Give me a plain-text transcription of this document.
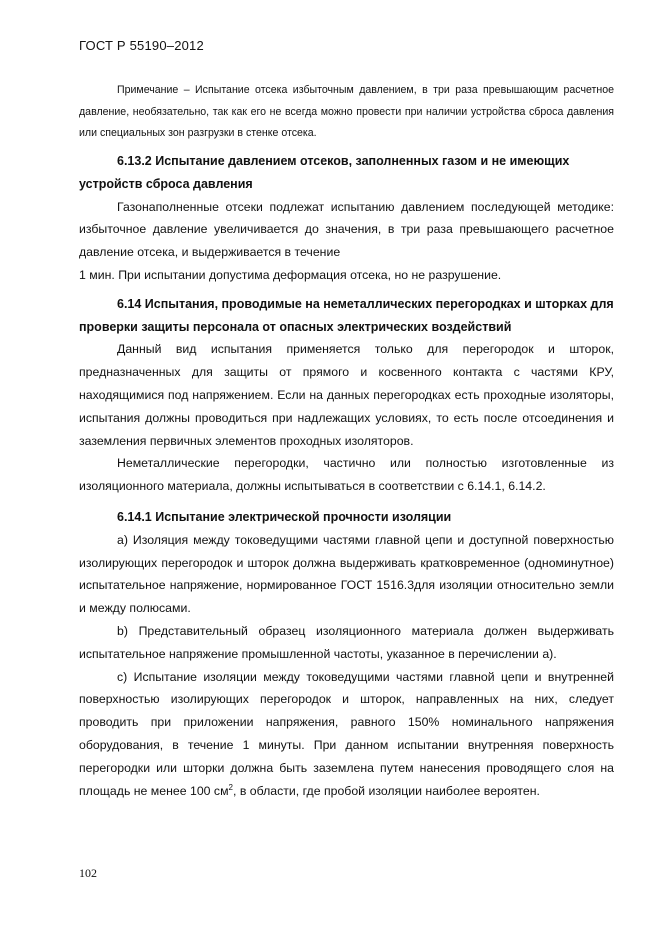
ГОСТ Р 55190–2012
Примечание – Испытание отсека избыточным давлением, в три раза превышающим расчетное давление, необязательно, так как его не всегда можно провести при наличии устройства сброса давления или специальных зон разгрузки в стенке отсека.
6.13.2 Испытание давлением отсеков, заполненных газом и не имеющих устройств сброса давления

Газонаполненные отсеки подлежат испытанию давлением последующей методике: избыточное давление увеличивается до значения, в три раза превышающего расчетное давление отсека, и выдерживается в течение

1 мин. При испытании допустима деформация отсека, но не разрушение.

6.14 Испытания, проводимые на неметаллических перегородках и шторках для проверки защиты персонала от опасных электрических воздействий

Данный вид испытания применяется только для перегородок и шторок, предназначенных для защиты от прямого и косвенного контакта с частями КРУ, находящимися под напряжением. Если на данных перегородках есть проходные изоляторы, испытания должны проводиться при надлежащих условиях, то есть после отсоединения и заземления первичных элементов проходных изоляторов.

Неметаллические перегородки, частично или полностью изготовленные из изоляционного материала, должны испытываться в соответствии с 6.14.1, 6.14.2.

6.14.1 Испытание электрической прочности изоляции

а) Изоляция между токоведущими частями главной цепи и доступной поверхностью изолирующих перегородок и шторок должна выдерживать кратковременное (одноминутное) испытательное напряжение, нормированное ГОСТ 1516.3для изоляции относительно земли и между полюсами.

b) Представительный образец изоляционного материала должен выдерживать испытательное напряжение промышленной частоты, указанное в перечислении а).

с) Испытание изоляции между токоведущими частями главной цепи и внутренней поверхностью изолирующих перегородок и шторок, направленных на них, следует проводить при приложении напряжения, равного 150% номинального напряжения оборудования, в течение 1 минуты. При данном испытании внутренняя поверхность перегородки или шторки должна быть заземлена путем нанесения проводящего слоя на площадь не менее 100 $см^2$, в области, где пробой изоляции наиболее вероятен.

102
